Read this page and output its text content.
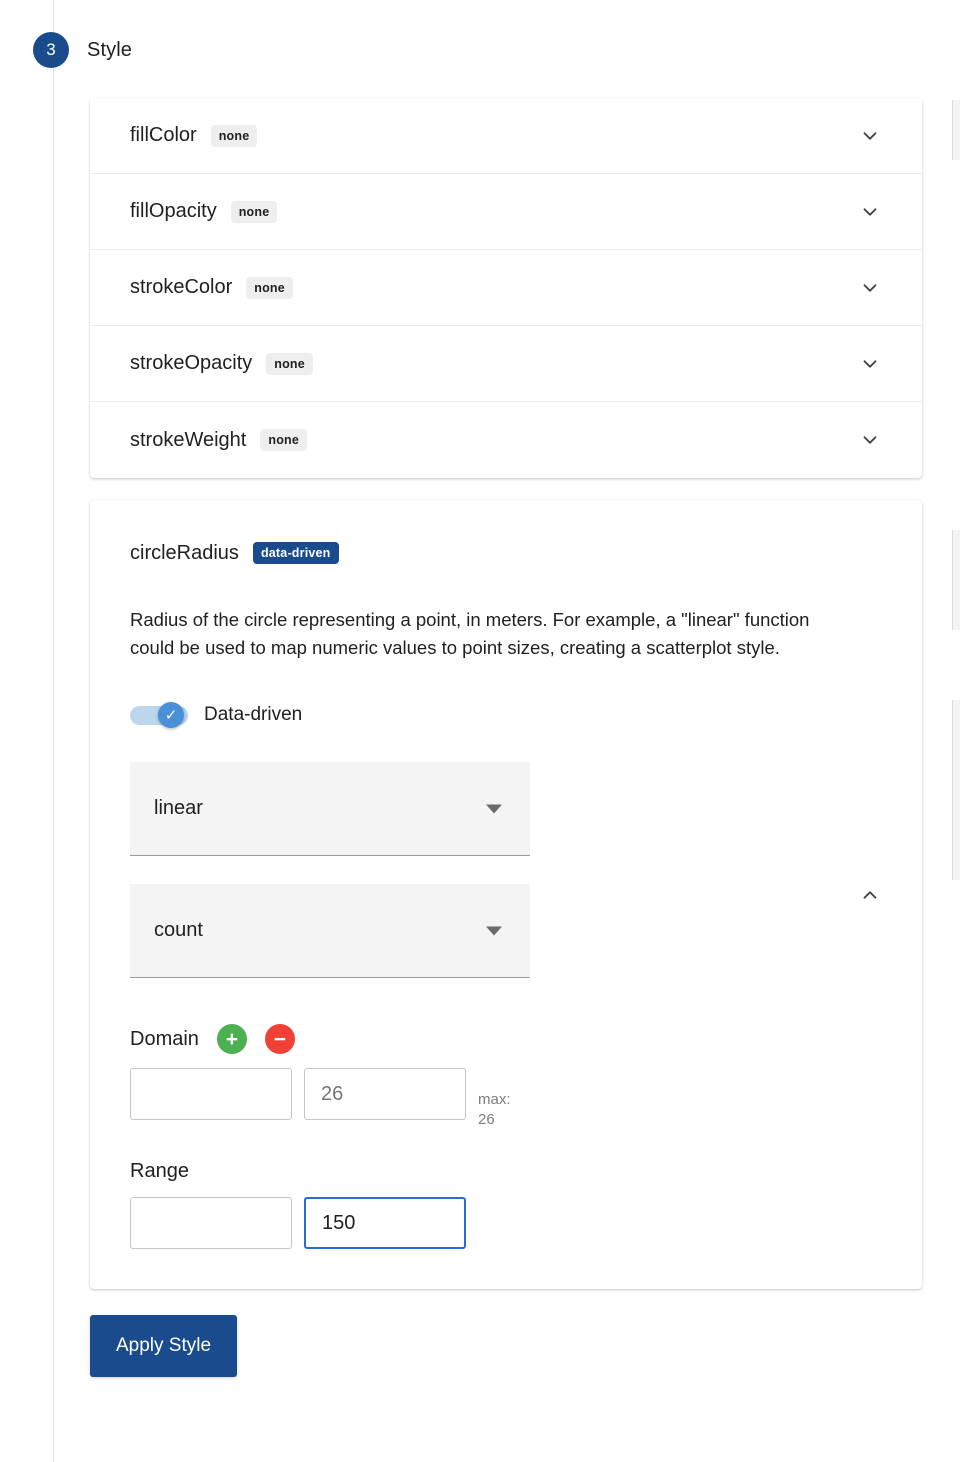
3	Style
fillColor	none
fillOpacity	none
strokeColor	none
strokeOpacity	none
strokeWeight	none
circleRadius	data-driven

Radius of the circle representing a point, in meters. For example, a "linear" function could be used to map numeric values to point sizes, creating a scatterplot style.

✓	Data-driven
linear
count
Domain	+	−
26
max:
26
Range
150
Apply Style
